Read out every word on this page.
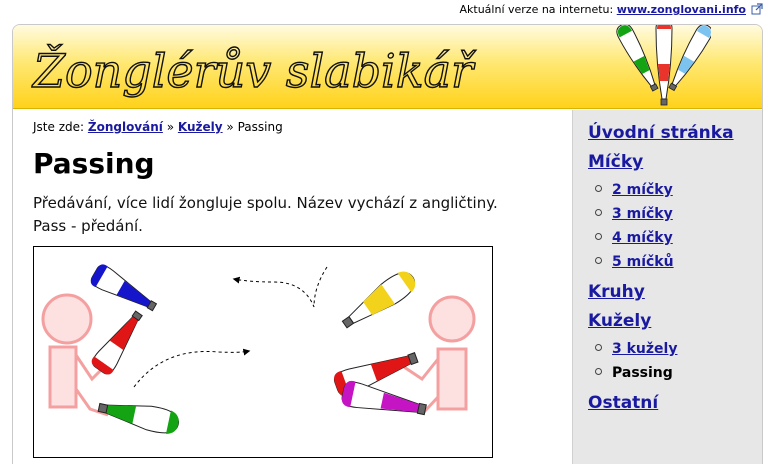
Aktuální verze na internetu: www.zonglovani.info
Žonglérův slabikář
Jste zde: Žonglování » Kužely » Passing
Passing

Předávání, více lidí žongluje spolu. Název vychází z angličtiny. Pass - předání.

Úvodní stránka
Míčky
2 míčky
3 míčky
4 míčky
5 míčků
Kruhy
Kužely
3 kužely
Passing
Ostatní
